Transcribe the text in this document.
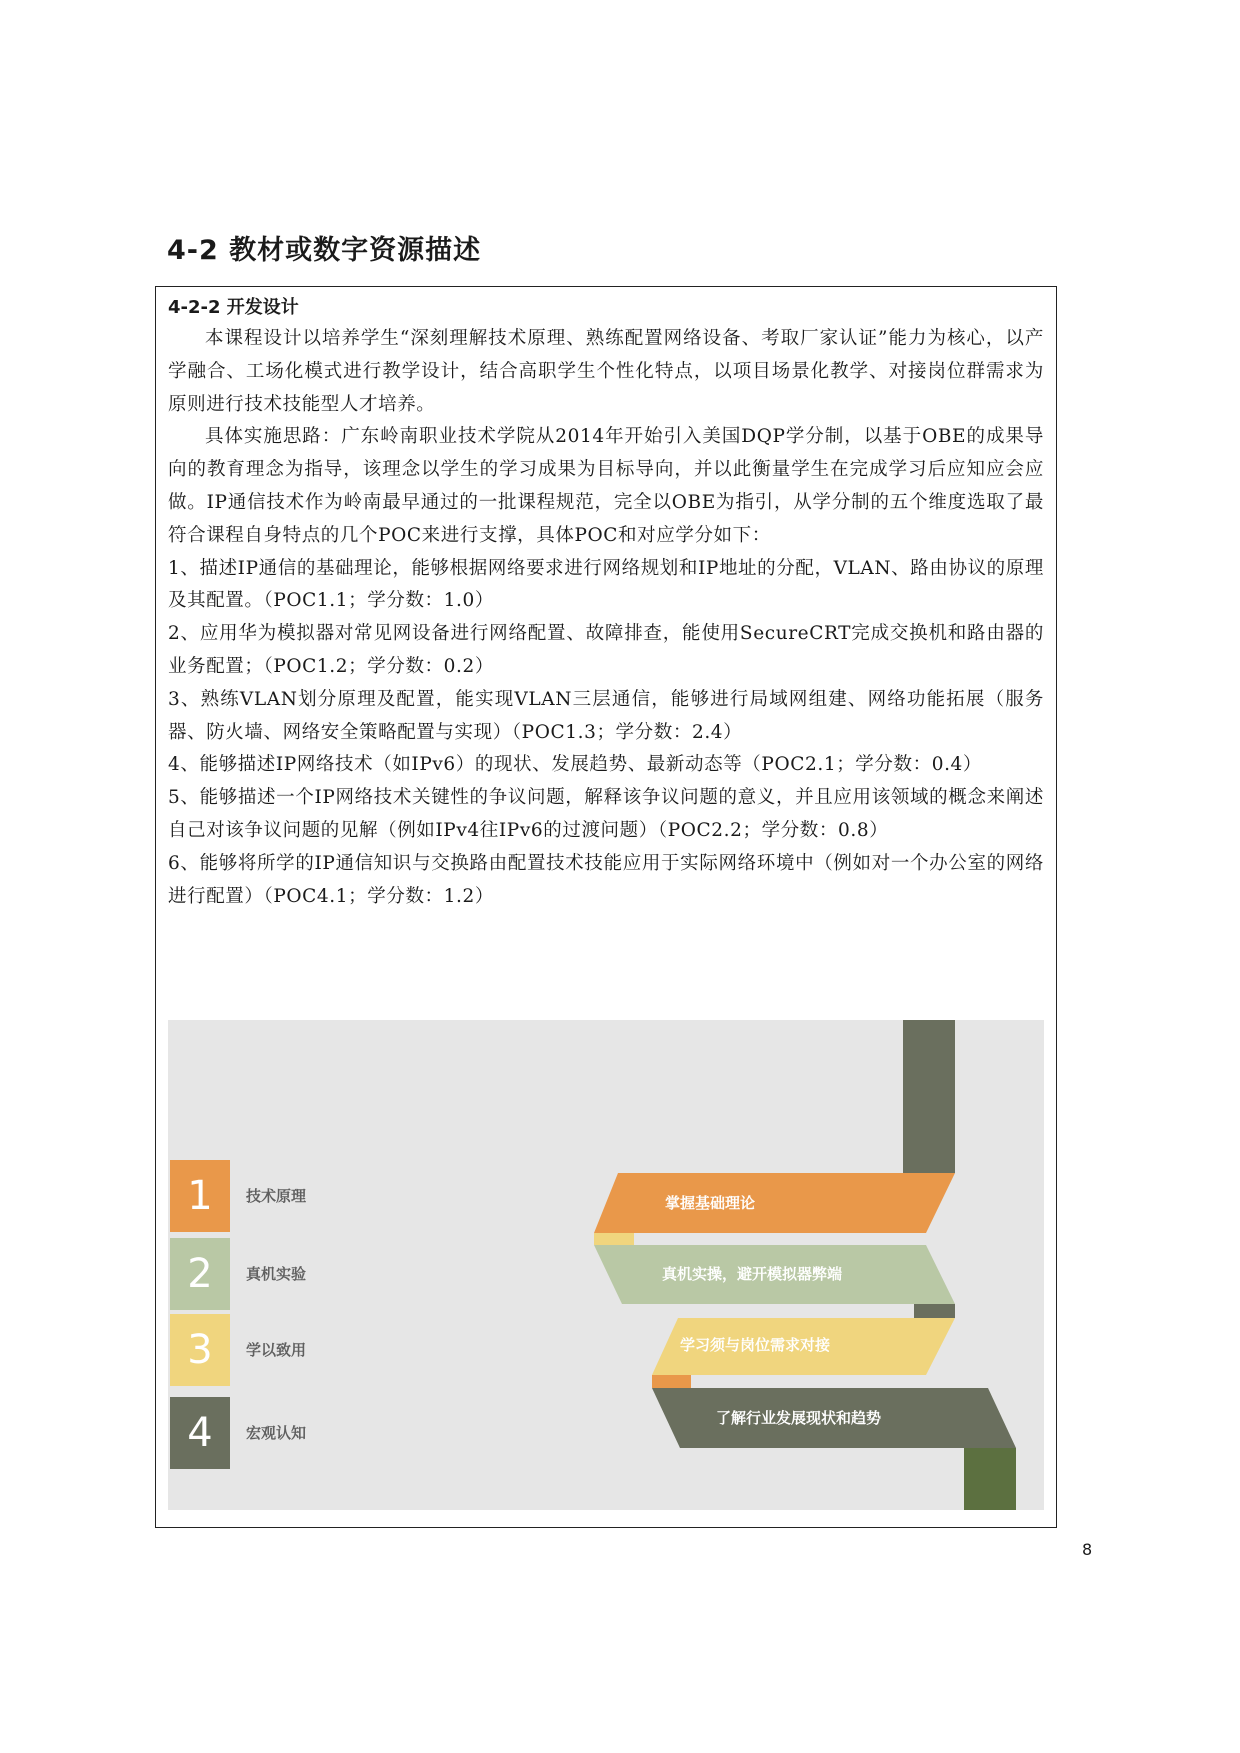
4-2 教材或数字资源描述
4-2-2 开发设计

本课程设计以培养学生“深刻理解技术原理、熟练配置网络设备、考取厂家认证”能力为核心，以产学融合、工场化模式进行教学设计，结合高职学生个性化特点，以项目场景化教学、对接岗位群需求为原则进行技术技能型人才培养。

具体实施思路：广东岭南职业技术学院从2014年开始引入美国DQP学分制，以基于OBE的成果导向的教育理念为指导，该理念以学生的学习成果为目标导向，并以此衡量学生在完成学习后应知应会应做。IP通信技术作为岭南最早通过的一批课程规范，完全以OBE为指引，从学分制的五个维度选取了最符合课程自身特点的几个POC来进行支撑，具体POC和对应学分如下：

1、描述IP通信的基础理论，能够根据网络要求进行网络规划和IP地址的分配，VLAN、路由协议的原理及其配置。（POC1.1；学分数：1.0）

2、应用华为模拟器对常见网设备进行网络配置、故障排查，能使用SecureCRT完成交换机和路由器的业务配置；（POC1.2；学分数：0.2）

3、熟练VLAN划分原理及配置，能实现VLAN三层通信，能够进行局域网组建、网络功能拓展（服务器、防火墙、网络安全策略配置与实现）（POC1.3；学分数：2.4）

4、能够描述IP网络技术（如IPv6）的现状、发展趋势、最新动态等（POC2.1；学分数：0.4）

5、能够描述一个IP网络技术关键性的争议问题，解释该争议问题的意义，并且应用该领域的概念来阐述自己对该争议问题的见解（例如IPv4往IPv6的过渡问题）（POC2.2；学分数：0.8）

6、能够将所学的IP通信知识与交换路由配置技术技能应用于实际网络环境中（例如对一个办公室的网络进行配置）（POC4.1；学分数：1.2）

1	技术原理
2	真机实验
3	学以致用
4	宏观认知
掌握基础理论
真机实操，避开模拟器弊端
学习须与岗位需求对接
了解行业发展现状和趋势
8
